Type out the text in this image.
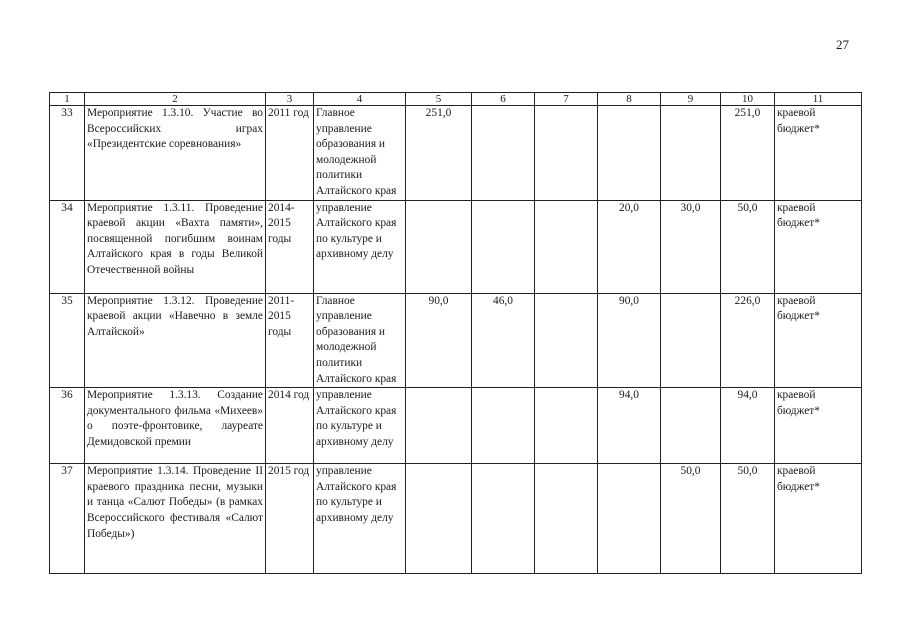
27
1	2	3	4	5	6	7	8	9	10	11
33	Мероприятие 1.3.10. Участие во Всероссийских играх «Президентские соревнования»	2011 год	Главное управление образования и молодежной политики Алтайского края	251,0					251,0	краевой бюджет*
34	Мероприятие 1.3.11. Проведение краевой акции «Вахта памяти», посвященной погибшим воинам Алтайского края в годы Великой Отечественной войны	2014-2015 годы	управление Алтайского края по культуре и архивному делу				20,0	30,0	50,0	краевой бюджет*
35	Мероприятие 1.3.12. Проведение краевой акции «Навечно в земле Алтайской»	2011-2015 годы	Главное управление образования и молодежной политики Алтайского края	90,0	46,0		90,0		226,0	краевой бюджет*
36	Мероприятие 1.3.13. Создание документального фильма «Михеев» о поэте-фронтовике, лауреате Демидовской премии	2014 год	управление Алтайского края по культуре и архивному делу				94,0		94,0	краевой бюджет*
37	Мероприятие 1.3.14. Проведение II краевого праздника песни, музыки и танца «Салют Победы» (в рамках Всероссийского фестиваля «Салют Победы»)	2015 год	управление Алтайского края по культуре и архивному делу					50,0	50,0	краевой бюджет*
